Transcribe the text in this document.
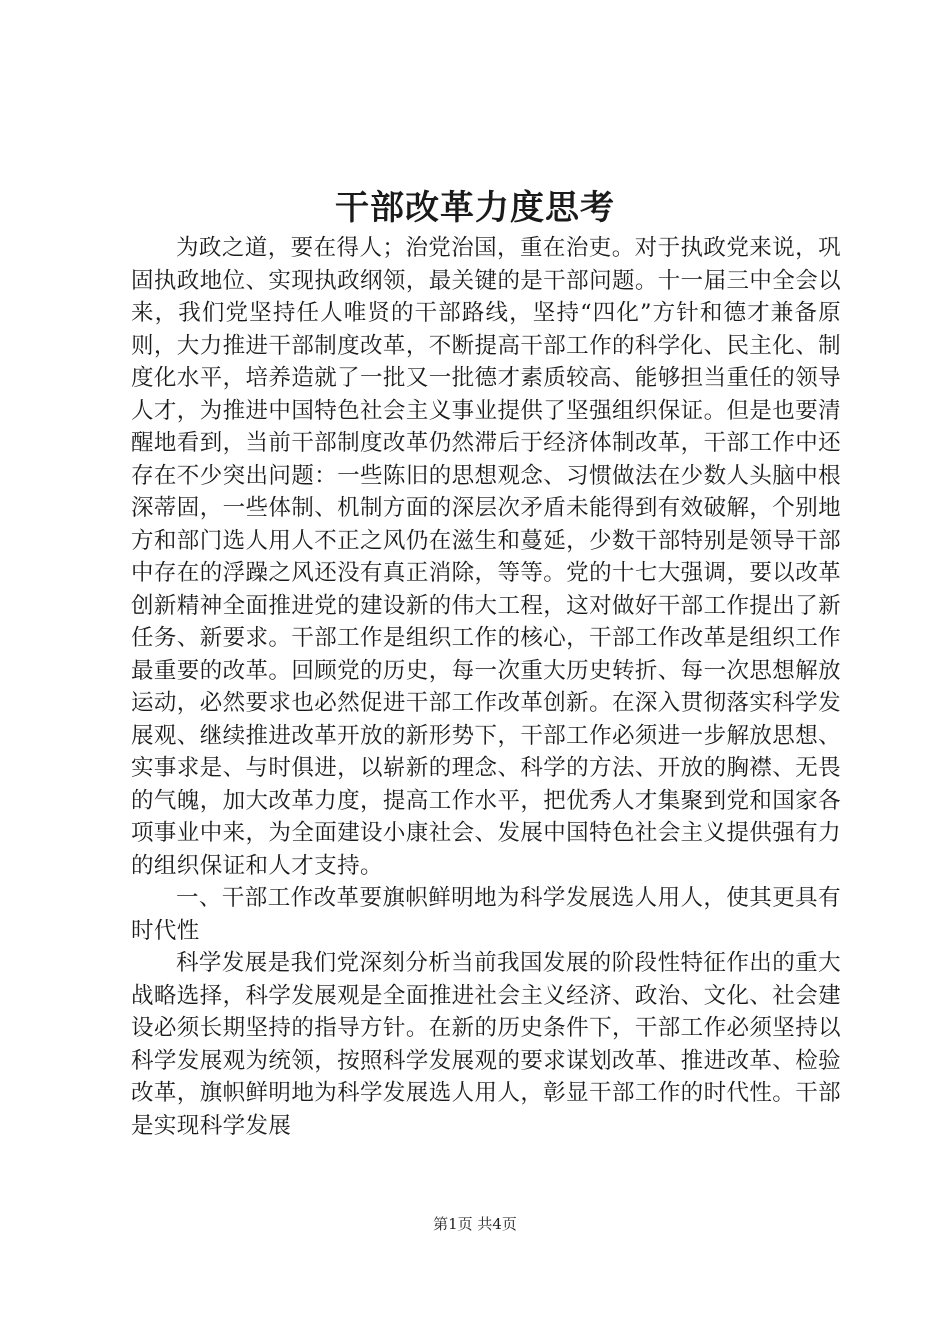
干部改革力度思考

为政之道，要在得人；治党治国，重在治吏。对于执政党来说，巩固执政地位、实现执政纲领，最关键的是干部问题。十一届三中全会以来，我们党坚持任人唯贤的干部路线，坚持“四化”方针和德才兼备原则，大力推进干部制度改革，不断提高干部工作的科学化、民主化、制度化水平，培养造就了一批又一批德才素质较高、能够担当重任的领导人才，为推进中国特色社会主义事业提供了坚强组织保证。但是也要清醒地看到，当前干部制度改革仍然滞后于经济体制改革，干部工作中还存在不少突出问题：一些陈旧的思想观念、习惯做法在少数人头脑中根深蒂固，一些体制、机制方面的深层次矛盾未能得到有效破解，个别地方和部门选人用人不正之风仍在滋生和蔓延，少数干部特别是领导干部中存在的浮躁之风还没有真正消除，等等。党的十七大强调，要以改革创新精神全面推进党的建设新的伟大工程，这对做好干部工作提出了新任务、新要求。干部工作是组织工作的核心，干部工作改革是组织工作最重要的改革。回顾党的历史，每一次重大历史转折、每一次思想解放运动，必然要求也必然促进干部工作改革创新。在深入贯彻落实科学发展观、继续推进改革开放的新形势下，干部工作必须进一步解放思想、实事求是、与时俱进，以崭新的理念、科学的方法、开放的胸襟、无畏的气魄，加大改革力度，提高工作水平，把优秀人才集聚到党和国家各项事业中来，为全面建设小康社会、发展中国特色社会主义提供强有力的组织保证和人才支持。

一、干部工作改革要旗帜鲜明地为科学发展选人用人，使其更具有时代性

科学发展是我们党深刻分析当前我国发展的阶段性特征作出的重大战略选择，科学发展观是全面推进社会主义经济、政治、文化、社会建设必须长期坚持的指导方针。在新的历史条件下，干部工作必须坚持以科学发展观为统领，按照科学发展观的要求谋划改革、推进改革、检验改革，旗帜鲜明地为科学发展选人用人，彰显干部工作的时代性。干部是实现科学发展

第1页 共4页
